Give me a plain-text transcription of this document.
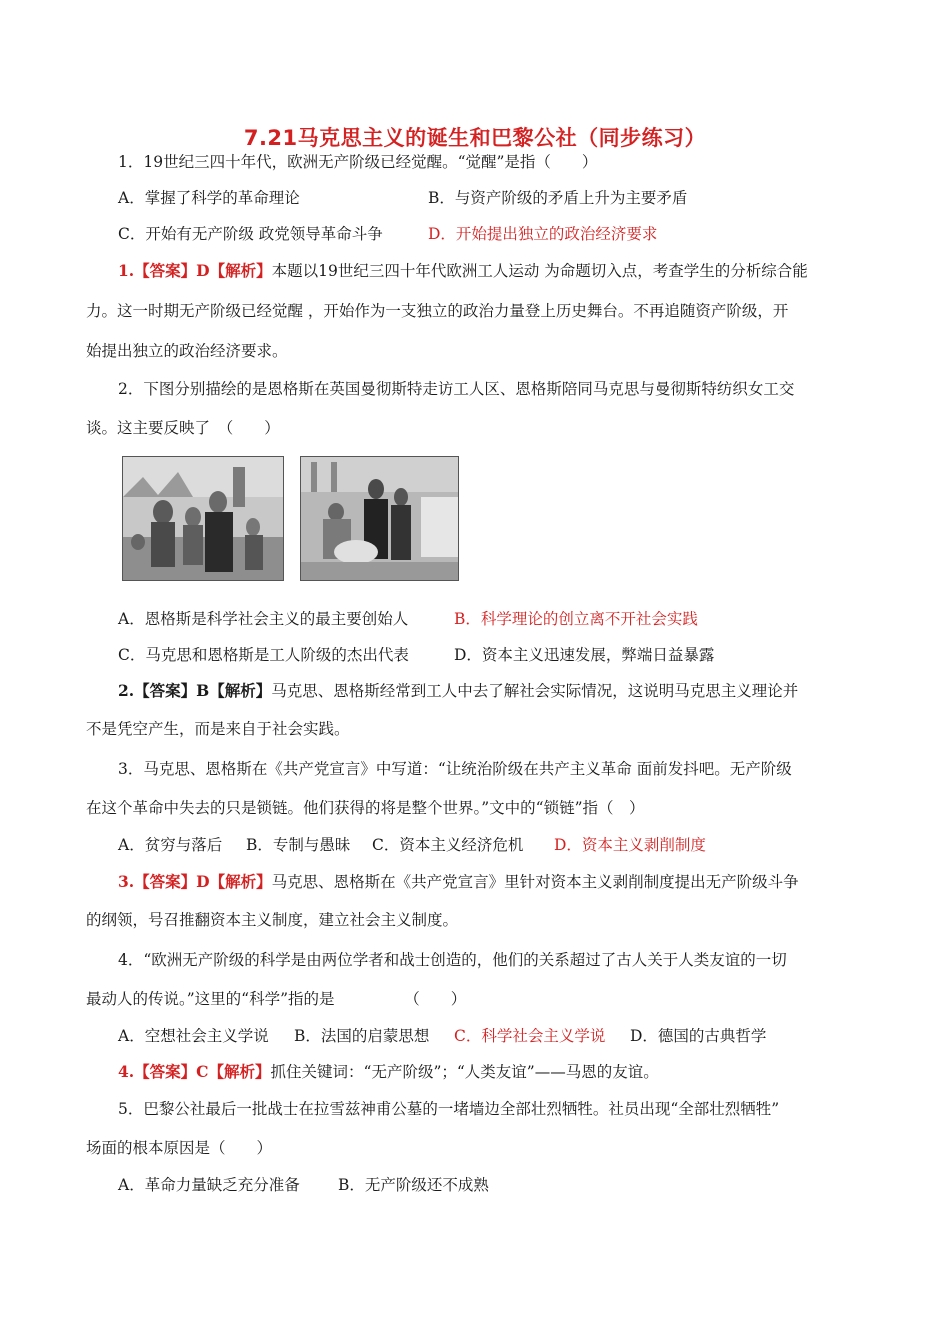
7.21马克思主义的诞生和巴黎公社（同步练习）
1．19世纪三四十年代，欧洲无产阶级已经觉醒。“觉醒”是指（　　）
A．掌握了科学的革命理论	B．与资产阶级的矛盾上升为主要矛盾
C．开始有无产阶级 政党领导革命斗争	D．开始提出独立的政治经济要求
1.【答案】D【解析】本题以19世纪三四十年代欧洲工人运动 为命题切入点，考查学生的分析综合能
力。这一时期无产阶级已经觉醒 ，开始作为一支独立的政治力量登上历史舞台。不再追随资产阶级，开
始提出独立的政治经济要求。
2．下图分别描绘的是恩格斯在英国曼彻斯特走访工人区、恩格斯陪同马克思与曼彻斯特纺织女工交
谈。这主要反映了　（　　）
A．恩格斯是科学社会主义的最主要创始人	B．科学理论的创立离不开社会实践
C．马克思和恩格斯是工人阶级的杰出代表	D．资本主义迅速发展，弊端日益暴露
2.【答案】B【解析】马克思、恩格斯经常到工人中去了解社会实际情况，这说明马克思主义理论并
不是凭空产生，而是来自于社会实践。
3．马克思、恩格斯在《共产党宣言》中写道：“让统治阶级在共产主义革命 面前发抖吧。无产阶级
在这个革命中失去的只是锁链。他们获得的将是整个世界。”文中的“锁链”指（　）
A．贫穷与落后 B．专制与愚昧 C．资本主义经济危机 D．资本主义剥削制度
3.【答案】D【解析】马克思、恩格斯在《共产党宣言》里针对资本主义剥削制度提出无产阶级斗争
的纲领，号召推翻资本主义制度，建立社会主义制度。
4．“欧洲无产阶级的科学是由两位学者和战士创造的，他们的关系超过了古人关于人类友谊的一切
最动人的传说。”这里的“科学”指的是　　　　　（　　）
A．空想社会主义学说 B．法国的启蒙思想 C．科学社会主义学说 D．德国的古典哲学
4.【答案】C【解析】抓住关键词：“无产阶级”；“人类友谊”——马恩的友谊。
5．巴黎公社最后一批战士在拉雪兹神甫公墓的一堵墙边全部壮烈牺牲。社员出现“全部壮烈牺牲”
场面的根本原因是（　　）
A．革命力量缺乏充分准备 B．无产阶级还不成熟
